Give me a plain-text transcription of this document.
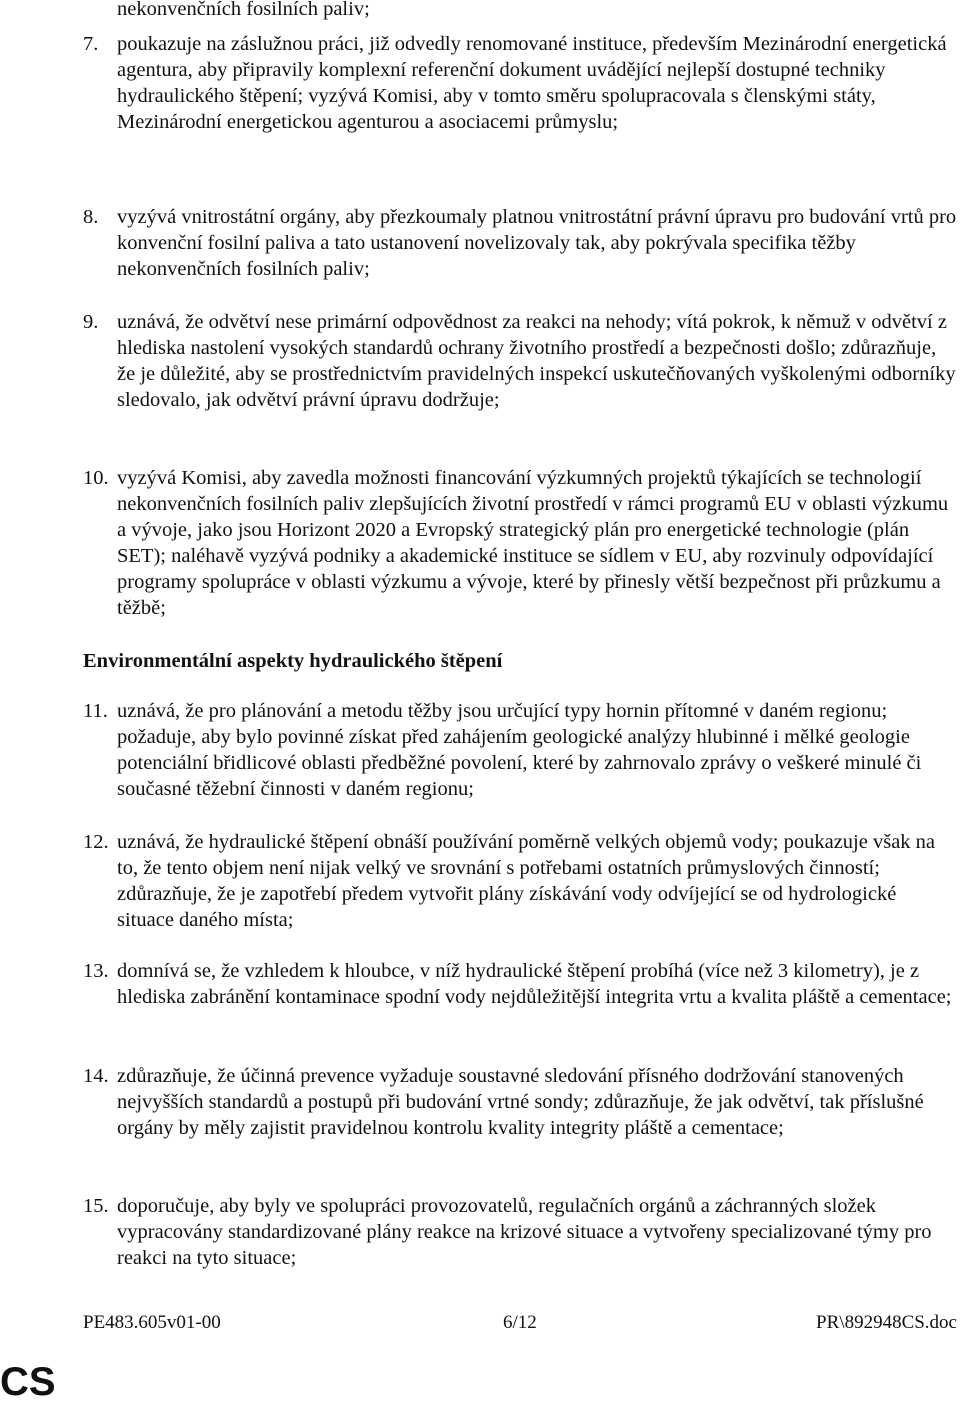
nekonvenčních fosilních paliv;
7. poukazuje na záslužnou práci, již odvedly renomované instituce, především Mezinárodní energetická agentura, aby připravily komplexní referenční dokument uvádějící nejlepší dostupné techniky hydraulického štěpení; vyzývá Komisi, aby v tomto směru spolupracovala s členskými státy, Mezinárodní energetickou agenturou a asociacemi průmyslu;
8. vyzývá vnitrostátní orgány, aby přezkoumaly platnou vnitrostátní právní úpravu pro budování vrtů pro konvenční fosilní paliva a tato ustanovení novelizovaly tak, aby pokrývala specifika těžby nekonvenčních fosilních paliv;
9. uznává, že odvětví nese primární odpovědnost za reakci na nehody; vítá pokrok, k němuž v odvětví z hlediska nastolení vysokých standardů ochrany životního prostředí a bezpečnosti došlo; zdůrazňuje, že je důležité, aby se prostřednictvím pravidelných inspekcí uskutečňovaných vyškolenými odborníky sledovalo, jak odvětví právní úpravu dodržuje;
10. vyzývá Komisi, aby zavedla možnosti financování výzkumných projektů týkajících se technologií nekonvenčních fosilních paliv zlepšujících životní prostředí v rámci programů EU v oblasti výzkumu a vývoje, jako jsou Horizont 2020 a Evropský strategický plán pro energetické technologie (plán SET); naléhavě vyzývá podniky a akademické instituce se sídlem v EU, aby rozvinuly odpovídající programy spolupráce v oblasti výzkumu a vývoje, které by přinesly větší bezpečnost při průzkumu a těžbě;
Environmentální aspekty hydraulického štěpení
11. uznává, že pro plánování a metodu těžby jsou určující typy hornin přítomné v daném regionu; požaduje, aby bylo povinné získat před zahájením geologické analýzy hlubinné i mělké geologie potenciální břidlicové oblasti předběžné povolení, které by zahrnovalo zprávy o veškeré minulé či současné těžební činnosti v daném regionu;
12. uznává, že hydraulické štěpení obnáší používání poměrně velkých objemů vody; poukazuje však na to, že tento objem není nijak velký ve srovnání s potřebami ostatních průmyslových činností; zdůrazňuje, že je zapotřebí předem vytvořit plány získávání vody odvíjející se od hydrologické situace daného místa;
13. domnívá se, že vzhledem k hloubce, v níž hydraulické štěpení probíhá (více než 3 kilometry), je z hlediska zabránění kontaminace spodní vody nejdůležitější integrita vrtu a kvalita pláště a cementace;
14. zdůrazňuje, že účinná prevence vyžaduje soustavné sledování přísného dodržování stanovených nejvyšších standardů a postupů při budování vrtné sondy; zdůrazňuje, že jak odvětví, tak příslušné orgány by měly zajistit pravidelnou kontrolu kvality integrity pláště a cementace;
15. doporučuje, aby byly ve spolupráci provozovatelů, regulačních orgánů a záchranných složek vypracovány standardizované plány reakce na krizové situace a vytvořeny specializované týmy pro reakci na tyto situace;
PE483.605v01-00	6/12	PR\892948CS.doc
CS
